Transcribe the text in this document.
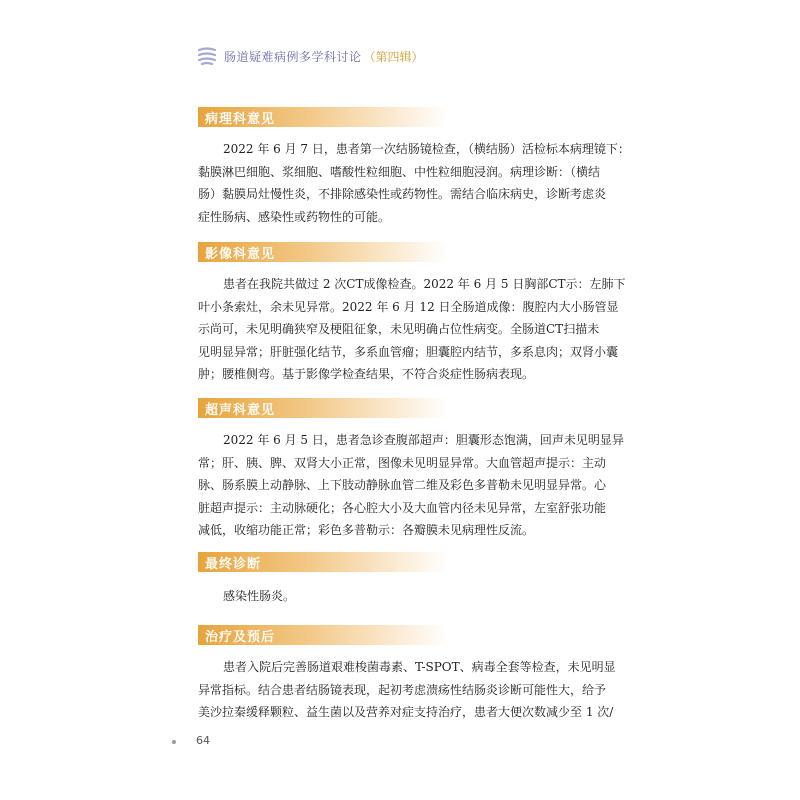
肠道疑难病例多学科讨论 （第四辑）
病理科意见
2022 年 6 月 7 日，患者第一次结肠镜检查，（横结肠）活检标本病理镜下：
黏膜淋巴细胞、浆细胞、嗜酸性粒细胞、中性粒细胞浸润。病理诊断：（横结
肠）黏膜局灶慢性炎，不排除感染性或药物性。需结合临床病史，诊断考虑炎
症性肠病、感染性或药物性的可能。
影像科意见
患者在我院共做过 2 次CT成像检查。2022 年 6 月 5 日胸部CT示：左肺下
叶小条索灶，余未见异常。2022 年 6 月 12 日全肠道成像：腹腔内大小肠管显
示尚可，未见明确狭窄及梗阻征象，未见明确占位性病变。全肠道CT扫描未
见明显异常；肝脏强化结节，多系血管瘤；胆囊腔内结节，多系息肉；双肾小囊
肿；腰椎侧弯。基于影像学检查结果，不符合炎症性肠病表现。
超声科意见
2022 年 6 月 5 日，患者急诊查腹部超声：胆囊形态饱满，回声未见明显异
常；肝、胰、脾、双肾大小正常，图像未见明显异常。大血管超声提示：主动
脉、肠系膜上动静脉、上下肢动静脉血管二维及彩色多普勒未见明显异常。心
脏超声提示：主动脉硬化；各心腔大小及大血管内径未见异常，左室舒张功能
减低，收缩功能正常；彩色多普勒示：各瓣膜未见病理性反流。
最终诊断
感染性肠炎。
治疗及预后
患者入院后完善肠道艰难梭菌毒素、T-SPOT、病毒全套等检查，未见明显
异常指标。结合患者结肠镜表现，起初考虑溃疡性结肠炎诊断可能性大，给予
美沙拉秦缓释颗粒、益生菌以及营养对症支持治疗，患者大便次数减少至 1 次/
64
